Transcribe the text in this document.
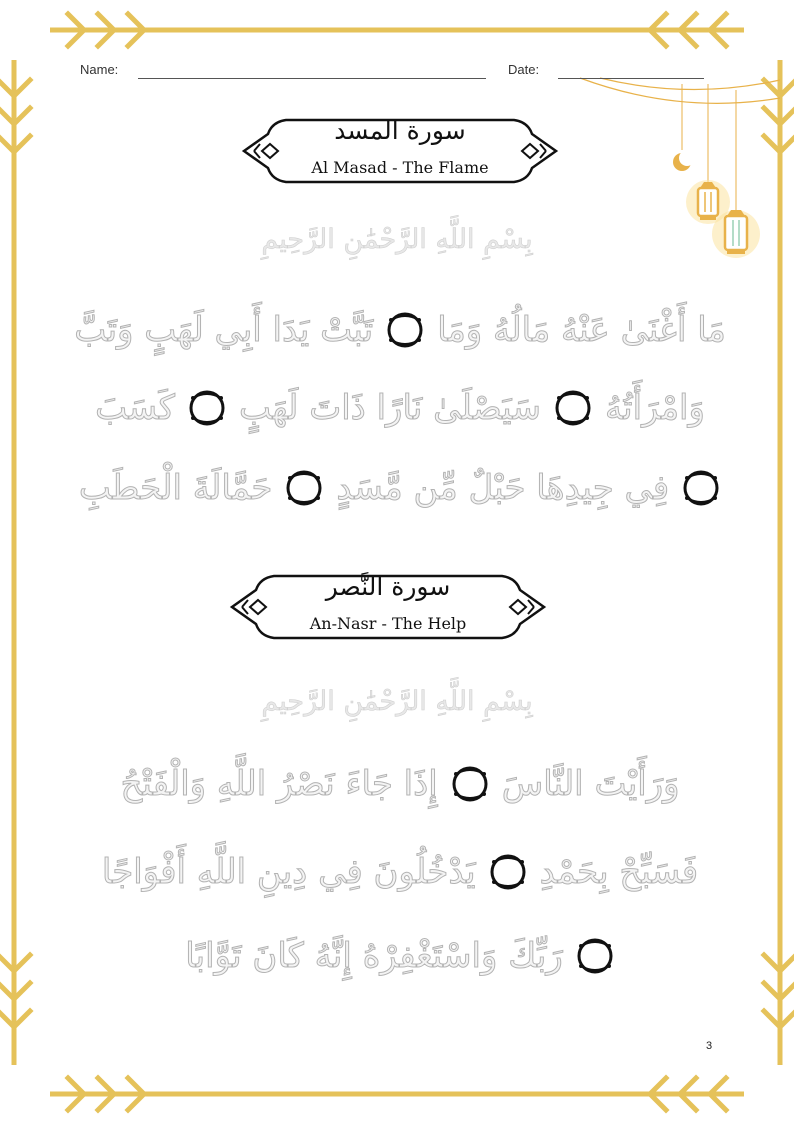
Name:	Date:
سورة المسد
Al Masad - The Flame
بِسْمِ اللَّهِ الرَّحْمَٰنِ الرَّحِيمِ
تَبَّتْ يَدَا أَبِي لَهَبٍ وَتَبَّ مَا أَغْنَىٰ عَنْهُ مَالُهُ وَمَا
كَسَبَ سَيَصْلَىٰ نَارًا ذَاتَ لَهَبٍ وَامْرَأَتُهُ
حَمَّالَةَ الْحَطَبِ فِي جِيدِهَا حَبْلٌ مِّن مَّسَدٍ
سورة النَّصر
An-Nasr - The Help
بِسْمِ اللَّهِ الرَّحْمَٰنِ الرَّحِيمِ
إِذَا جَاءَ نَصْرُ اللَّهِ وَالْفَتْحُ وَرَأَيْتَ النَّاسَ
يَدْخُلُونَ فِي دِينِ اللَّهِ أَفْوَاجًا فَسَبِّحْ بِحَمْدِ
رَبِّكَ وَاسْتَغْفِرْهُ إِنَّهُ كَانَ تَوَّابًا
3
